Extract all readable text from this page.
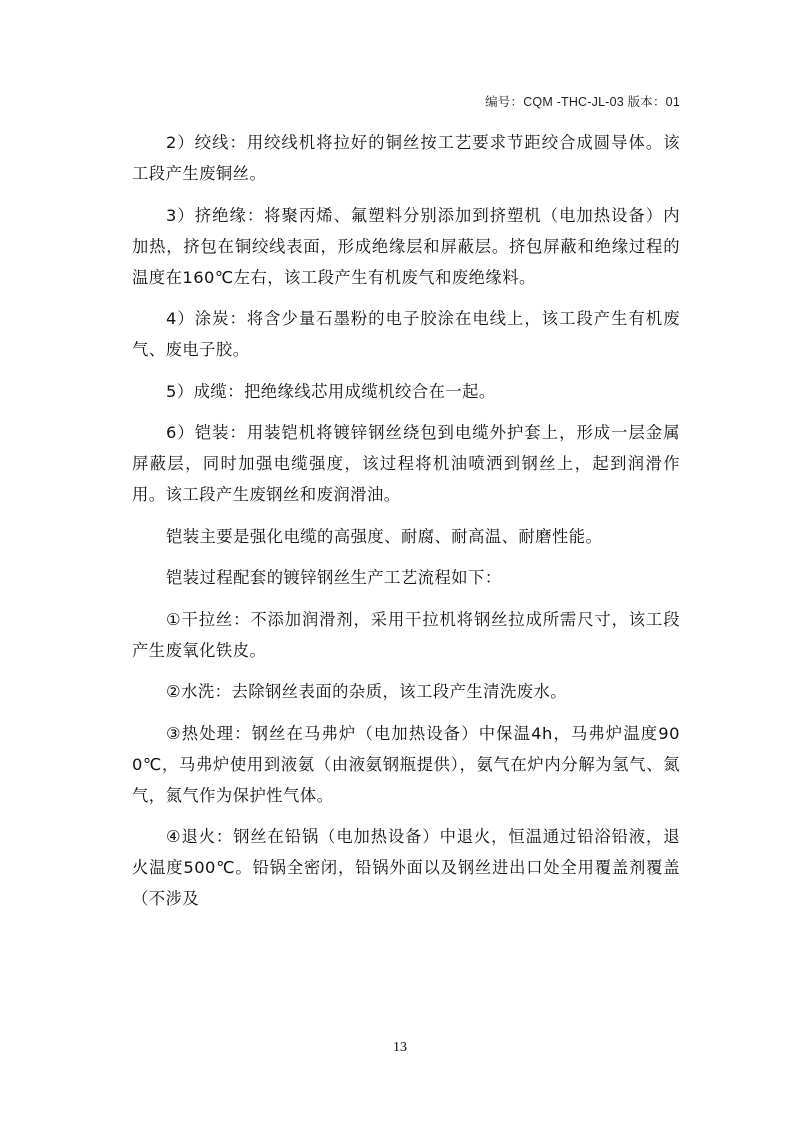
编号：CQM -THC-JL-03 版本：01

2）绞线：用绞线机将拉好的铜丝按工艺要求节距绞合成圆导体。该工段产生废铜丝。

3）挤绝缘：将聚丙烯、氟塑料分别添加到挤塑机（电加热设备）内加热，挤包在铜绞线表面，形成绝缘层和屏蔽层。挤包屏蔽和绝缘过程的温度在160℃左右，该工段产生有机废气和废绝缘料。

4）涂炭：将含少量石墨粉的电子胶涂在电线上，该工段产生有机废气、废电子胶。

5）成缆：把绝缘线芯用成缆机绞合在一起。

6）铠装：用装铠机将镀锌钢丝绕包到电缆外护套上，形成一层金属屏蔽层，同时加强电缆强度，该过程将机油喷洒到钢丝上，起到润滑作用。该工段产生废钢丝和废润滑油。

铠装主要是强化电缆的高强度、耐腐、耐高温、耐磨性能。

铠装过程配套的镀锌钢丝生产工艺流程如下：

①干拉丝：不添加润滑剂，采用干拉机将钢丝拉成所需尺寸，该工段产生废氧化铁皮。

②水洗：去除钢丝表面的杂质，该工段产生清洗废水。

③热处理：钢丝在马弗炉（电加热设备）中保温4h，马弗炉温度900℃，马弗炉使用到液氨（由液氨钢瓶提供），氨气在炉内分解为氢气、氮气，氮气作为保护性气体。

④退火：钢丝在铅锅（电加热设备）中退火，恒温通过铅浴铅液，退火温度500℃。铅锅全密闭，铅锅外面以及钢丝进出口处全用覆盖剂覆盖（不涉及

13
